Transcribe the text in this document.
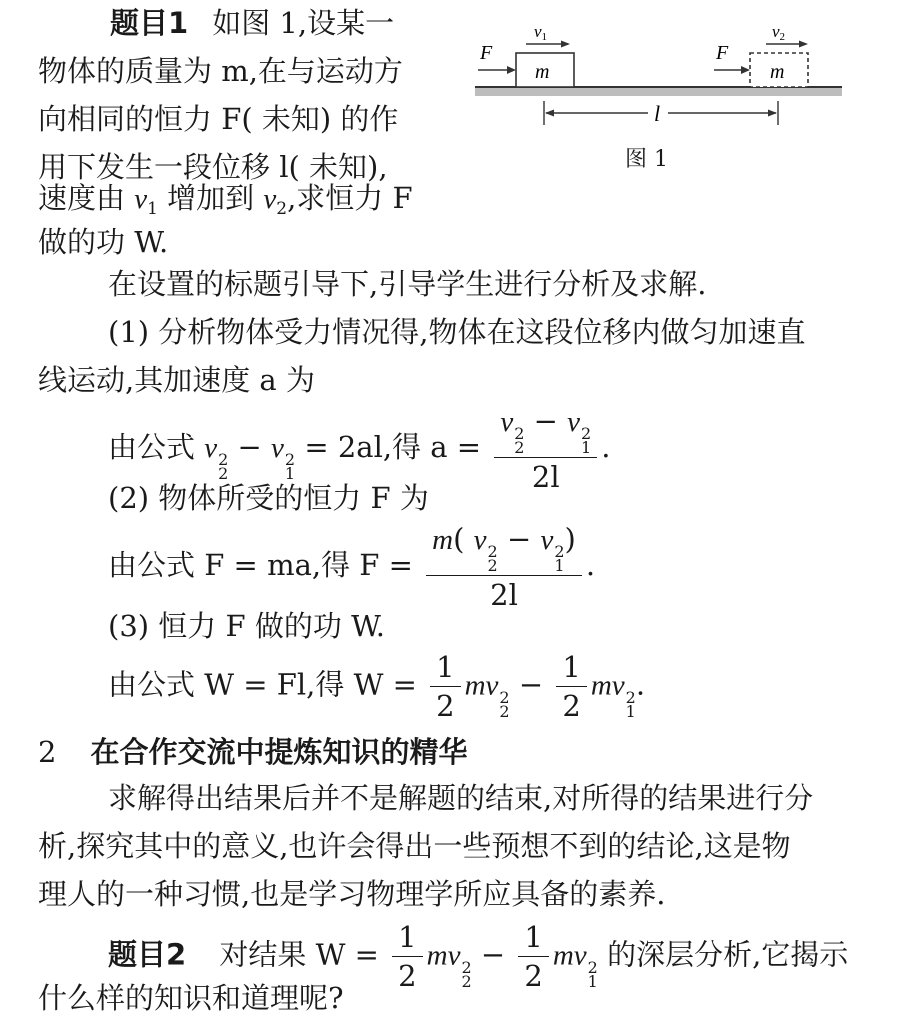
题目1 如图 1,设某一
物体的质量为 m,在与运动方
向相同的恒力 F( 未知) 的作
用下发生一段位移 l( 未知),
速度由 $v_1$ 增加到 $v_2$,求恒力 F
做的功 W.
m
F
v1
m
F
v2
l
图 1
在设置的标题引导下,引导学生进行分析及求解.
(1) 分析物体受力情况得,物体在这段位移内做匀加速直
线运动,其加速度 a 为
由公式 v 2
2
− v 2
1
= 2al,得 a = v 2
2
− v 2
1
2l .
(2) 物体所受的恒力 F 为
由公式 F = ma,得 F = m( v 2
2
− v 2
1
)
2l .
(3) 恒力 F 做的功 W.
由公式 W = Fl,得 $W = \frac{1}{2}$ mv 2
2
− $\frac{1}{2}$ mv 2
1
.
2 在合作交流中提炼知识的精华
求解得出结果后并不是解题的结束,对所得的结果进行分
析,探究其中的意义,也许会得出一些预想不到的结论,这是物
理人的一种习惯,也是学习物理学所应具备的素养.
题目2 对结果 $W = \frac{1}{2}$ mv 2
2
− $\frac{1}{2}$ mv 2
1
的深层分析,它揭示
什么样的知识和道理呢?
